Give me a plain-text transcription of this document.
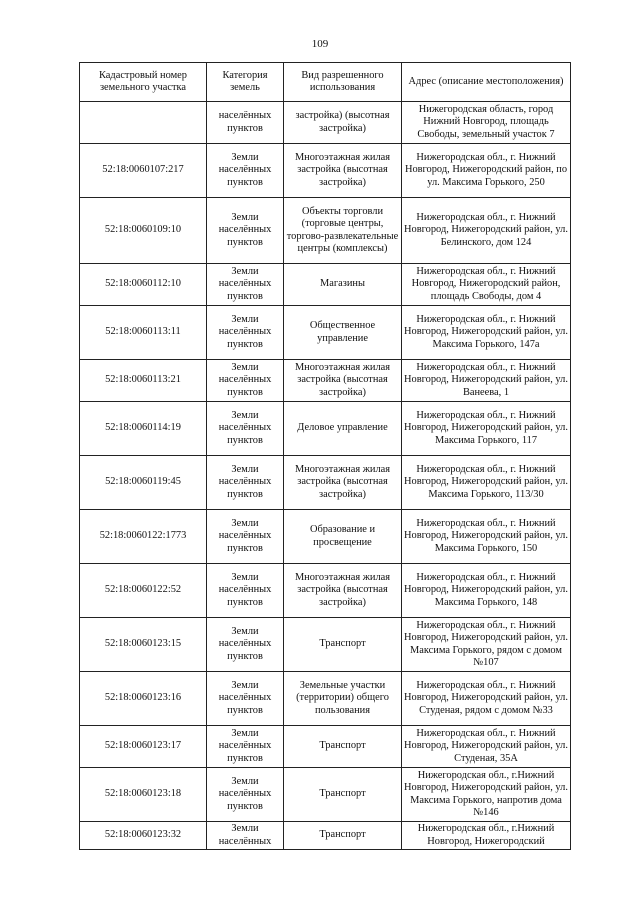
109
Кадастровый номер земельного участка	Категория земель	Вид разрешенного использования	Адрес (описание местоположения)
	населённых пунктов	застройка) (высотная застройка)	Нижегородская область, город Нижний Новгород, площадь Свободы, земельный участок 7
52:18:0060107:217	Земли населённых пунктов	Многоэтажная жилая застройка (высотная застройка)	Нижегородская обл., г. Нижний Новгород, Нижегородский район, по ул. Максима Горького, 250
52:18:0060109:10	Земли населённых пунктов	Объекты торговли (торговые центры, торгово-развлекательные центры (комплексы)	Нижегородская обл., г. Нижний Новгород, Нижегородский район, ул. Белинского, дом 124
52:18:0060112:10	Земли населённых пунктов	Магазины	Нижегородская обл., г. Нижний Новгород, Нижегородский район, площадь Свободы, дом 4
52:18:0060113:11	Земли населённых пунктов	Общественное управление	Нижегородская обл., г. Нижний Новгород, Нижегородский район, ул. Максима Горького, 147а
52:18:0060113:21	Земли населённых пунктов	Многоэтажная жилая застройка (высотная застройка)	Нижегородская обл., г. Нижний Новгород, Нижегородский район, ул. Ванеева, 1
52:18:0060114:19	Земли населённых пунктов	Деловое управление	Нижегородская обл., г. Нижний Новгород, Нижегородский район, ул. Максима Горького, 117
52:18:0060119:45	Земли населённых пунктов	Многоэтажная жилая застройка (высотная застройка)	Нижегородская обл., г. Нижний Новгород, Нижегородский район, ул. Максима Горького, 113/30
52:18:0060122:1773	Земли населённых пунктов	Образование и просвещение	Нижегородская обл., г. Нижний Новгород, Нижегородский район, ул. Максима Горького, 150
52:18:0060122:52	Земли населённых пунктов	Многоэтажная жилая застройка (высотная застройка)	Нижегородская обл., г. Нижний Новгород, Нижегородский район, ул. Максима Горького, 148
52:18:0060123:15	Земли населённых пунктов	Транспорт	Нижегородская обл., г. Нижний Новгород, Нижегородский район, ул. Максима Горького, рядом с домом №107
52:18:0060123:16	Земли населённых пунктов	Земельные участки (территории) общего пользования	Нижегородская обл., г. Нижний Новгород, Нижегородский район, ул. Студеная, рядом с домом №33
52:18:0060123:17	Земли населённых пунктов	Транспорт	Нижегородская обл., г. Нижний Новгород, Нижегородский район, ул. Студеная, 35А
52:18:0060123:18	Земли населённых пунктов	Транспорт	Нижегородская обл., г.Нижний Новгород, Нижегородский район, ул. Максима Горького, напротив дома №146
52:18:0060123:32	Земли населённых	Транспорт	Нижегородская обл., г.Нижний Новгород, Нижегородский
